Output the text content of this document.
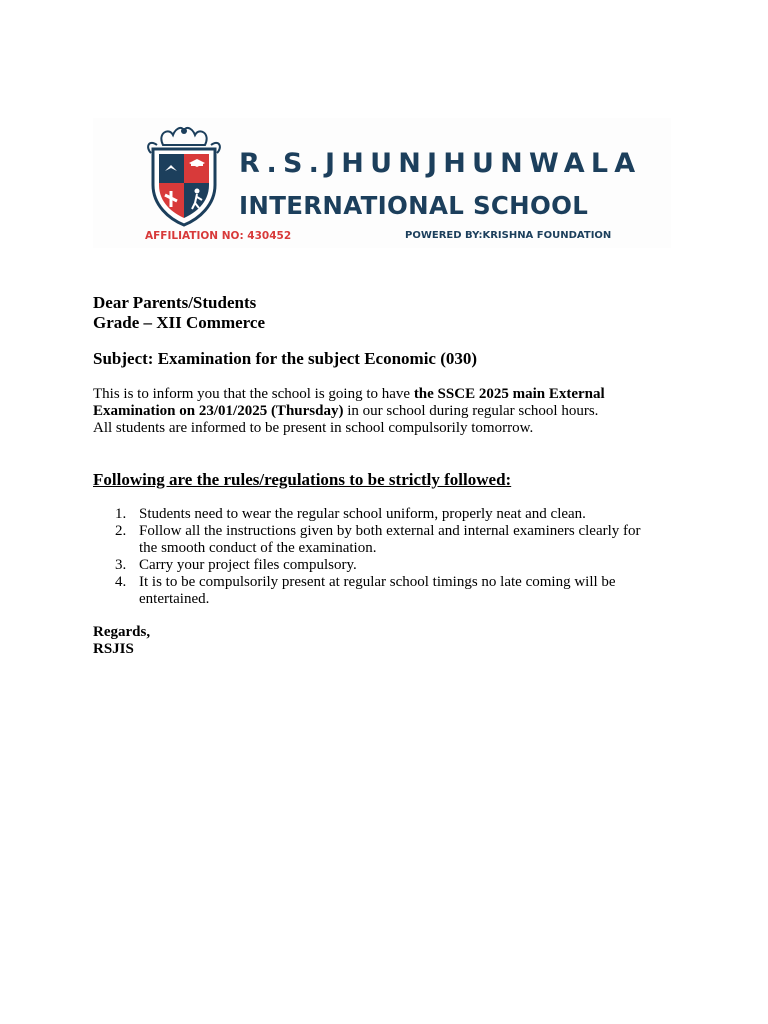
R.S.JHUNJHUNWALA
INTERNATIONAL SCHOOL
AFFILIATION NO: 430452	POWERED BY:KRISHNA FOUNDATION
Dear Parents/Students
Grade – XII Commerce
Subject: Examination for the subject Economic (030)
This is to inform you that the school is going to have the SSCE 2025 main External
Examination on 23/01/2025 (Thursday) in our school during regular school hours.
All students are informed to be present in school compulsorily tomorrow.
Following are the rules/regulations to be strictly followed:
1. Students need to wear the regular school uniform, properly neat and clean.
2. Follow all the instructions given by both external and internal examiners clearly for
the smooth conduct of the examination.
3. Carry your project files compulsory.
4. It is to be compulsorily present at regular school timings no late coming will be
entertained.
Regards,
RSJIS
